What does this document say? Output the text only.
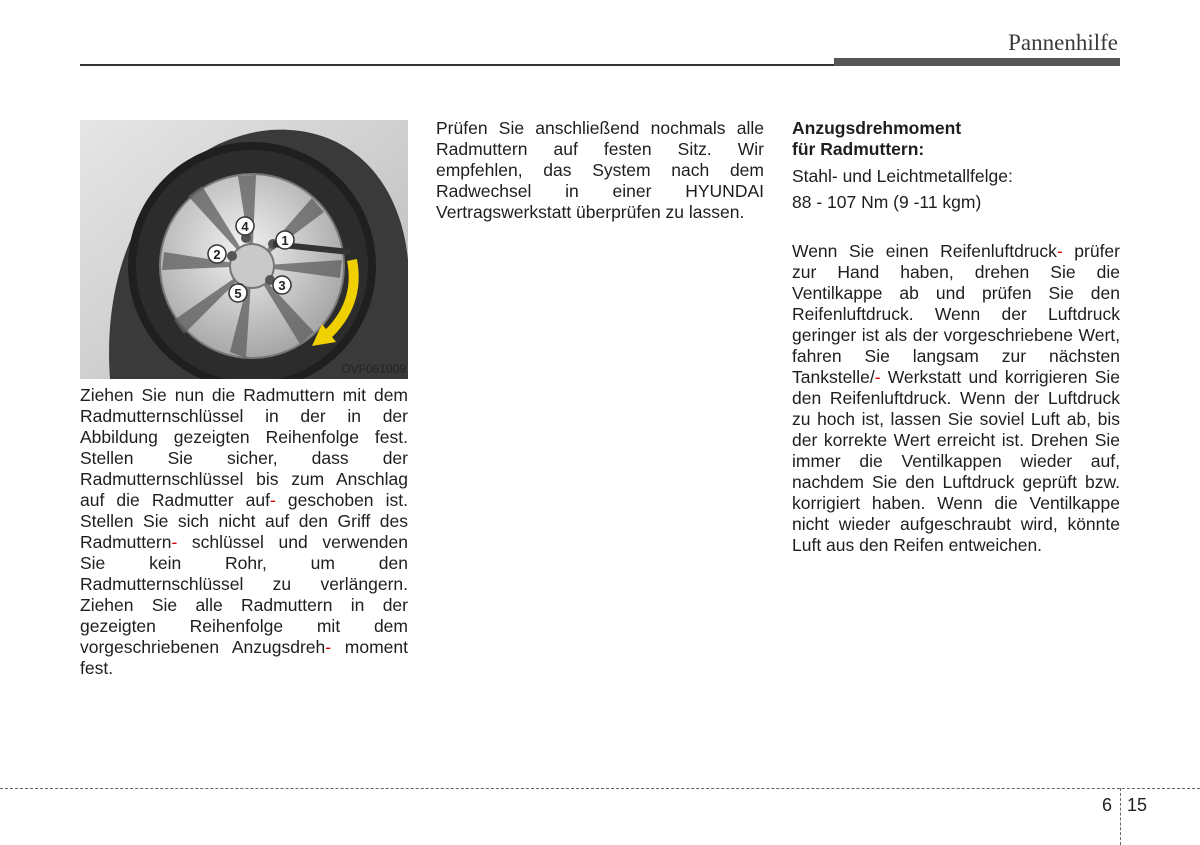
Pannenhilfe
1
2
3
4
5
OVF061009

Ziehen Sie nun die Radmuttern mit dem Radmutternschlüssel in der in der Abbildung gezeigten Reihenfolge fest. Stellen Sie sicher, dass der Radmutternschlüssel bis zum Anschlag auf die Radmutter auf- geschoben ist. Stellen Sie sich nicht auf den Griff des Radmuttern- schlüssel und verwenden Sie kein Rohr, um den Radmutternschlüssel zu verlängern. Ziehen Sie alle Radmuttern in der gezeigten Reihenfolge mit dem vorgeschriebenen Anzugsdreh- moment fest.

Prüfen Sie anschließend nochmals alle Radmuttern auf festen Sitz. Wir empfehlen, das System nach dem Radwechsel in einer HYUNDAI Vertragswerkstatt überprüfen zu lassen.

Anzugsdrehmoment
für Radmuttern:

Stahl- und Leichtmetallfelge:

88 - 107 Nm (9 -11 kgm)

Wenn Sie einen Reifenluftdruck- prüfer zur Hand haben, drehen Sie die Ventilkappe ab und prüfen Sie den Reifenluftdruck. Wenn der Luftdruck geringer ist als der vorgeschriebene Wert, fahren Sie langsam zur nächsten Tankstelle/- Werkstatt und korrigieren Sie den Reifenluftdruck. Wenn der Luftdruck zu hoch ist, lassen Sie soviel Luft ab, bis der korrekte Wert erreicht ist. Drehen Sie immer die Ventilkappen wieder auf, nachdem Sie den Luftdruck geprüft bzw. korrigiert haben. Wenn die Ventilkappe nicht wieder aufgeschraubt wird, könnte Luft aus den Reifen entweichen.

6 15
